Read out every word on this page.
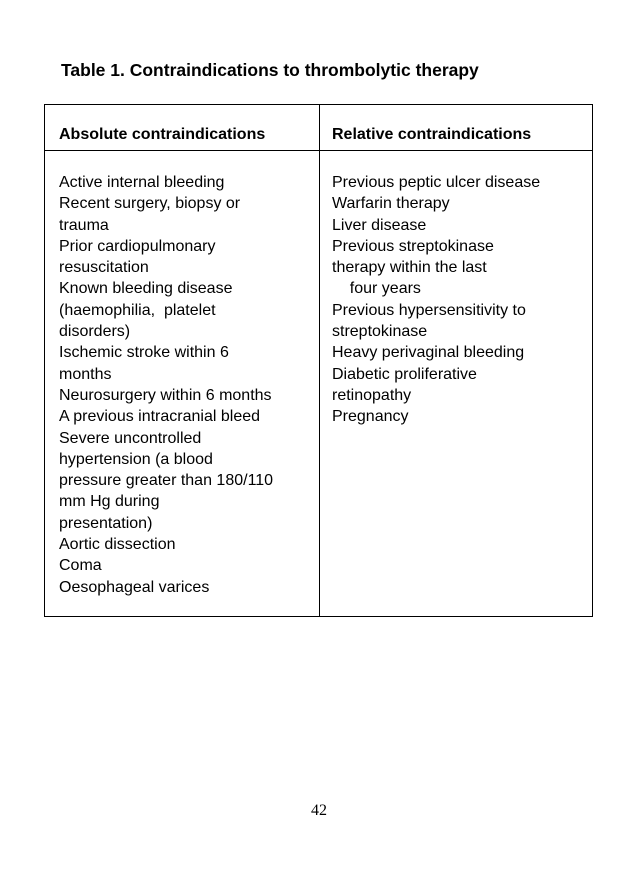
Table 1. Contraindications to thrombolytic therapy
Absolute contraindications	Relative contraindications
Active internal bleeding
Recent surgery, biopsy or
trauma
Prior cardiopulmonary
resuscitation
Known bleeding disease
(haemophilia,  platelet
disorders)
Ischemic stroke within 6
months
Neurosurgery within 6 months
A previous intracranial bleed
Severe uncontrolled
hypertension (a blood
pressure greater than 180/110
mm Hg during
presentation)
Aortic dissection
Coma
Oesophageal varices
Previous peptic ulcer disease
Warfarin therapy
Liver disease
Previous streptokinase
therapy within the last
four years
Previous hypersensitivity to
streptokinase
Heavy perivaginal bleeding
Diabetic proliferative
retinopathy
Pregnancy
42
